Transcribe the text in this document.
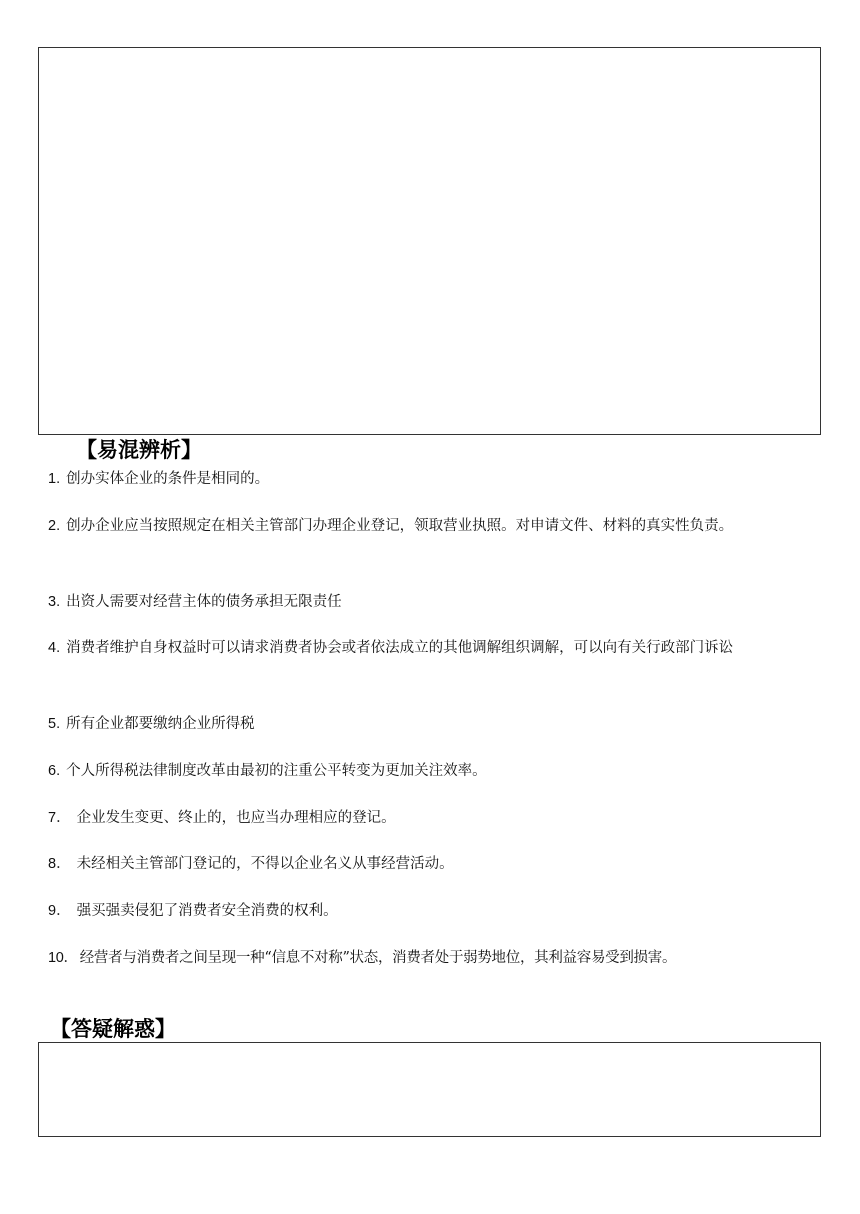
【易混辨析】
1. 创办实体企业的条件是相同的。
2. 创办企业应当按照规定在相关主管部门办理企业登记，领取营业执照。对申请文件、材料的真实性负责。
3. 出资人需要对经营主体的债务承担无限责任
4. 消费者维护自身权益时可以请求消费者协会或者依法成立的其他调解组织调解，可以向有关行政部门诉讼
5. 所有企业都要缴纳企业所得税
6. 个人所得税法律制度改革由最初的注重公平转变为更加关注效率。
7． 企业发生变更、终止的，也应当办理相应的登记。
8． 未经相关主管部门登记的，不得以企业名义从事经营活动。
9． 强买强卖侵犯了消费者安全消费的权利。
10． 经营者与消费者之间呈现一种“信息不对称”状态，消费者处于弱势地位，其利益容易受到损害。
【答疑解惑】
